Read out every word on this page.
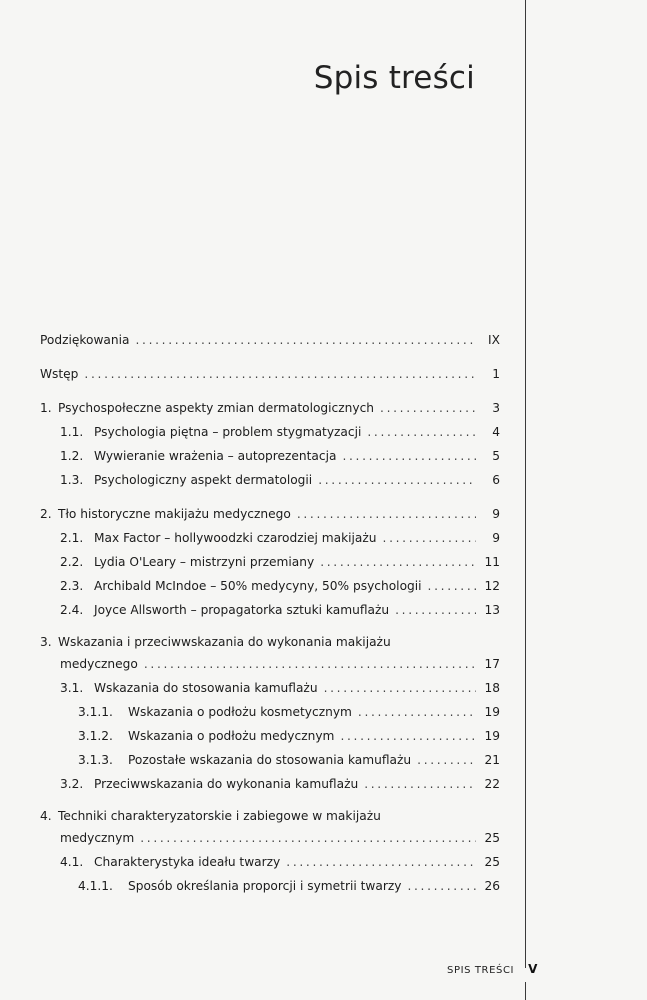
Spis treści
Podziękowania . . .	IX
Wstęp . . .	1
1. Psychospołeczne aspekty zmian dermatologicznych . . .	3
1.1. Psychologia piętna – problem stygmatyzacji . . .	4
1.2. Wywieranie wrażenia – autoprezentacja . . .	5
1.3. Psychologiczny aspekt dermatologii . . .	6
2. Tło historyczne makijażu medycznego . . .	9
2.1. Max Factor – hollywoodzki czarodziej makijażu . . .	9
2.2. Lydia O'Leary – mistrzyni przemiany . . .	11
2.3. Archibald McIndoe – 50% medycyny, 50% psychologii . . .	12
2.4. Joyce Allsworth – propagatorka sztuki kamuflażu . . .	13
3. Wskazania i przeciwwskazania do wykonania makijażu
medycznego . . .	17
3.1. Wskazania do stosowania kamuflażu . . .	18
3.1.1.	Wskazania o podłożu kosmetycznym . . .	19
3.1.2.	Wskazania o podłożu medycznym . . .	19
3.1.3.	Pozostałe wskazania do stosowania kamuflażu . . .	21
3.2. Przeciwwskazania do wykonania kamuflażu . . .	22
4. Techniki charakteryzatorskie i zabiegowe w makijażu
medycznym . . .	25
4.1. Charakterystyka ideału twarzy . . .	25
4.1.1.	Sposób określania proporcji i symetrii twarzy . . .	26
SPIS TREŚCI V
